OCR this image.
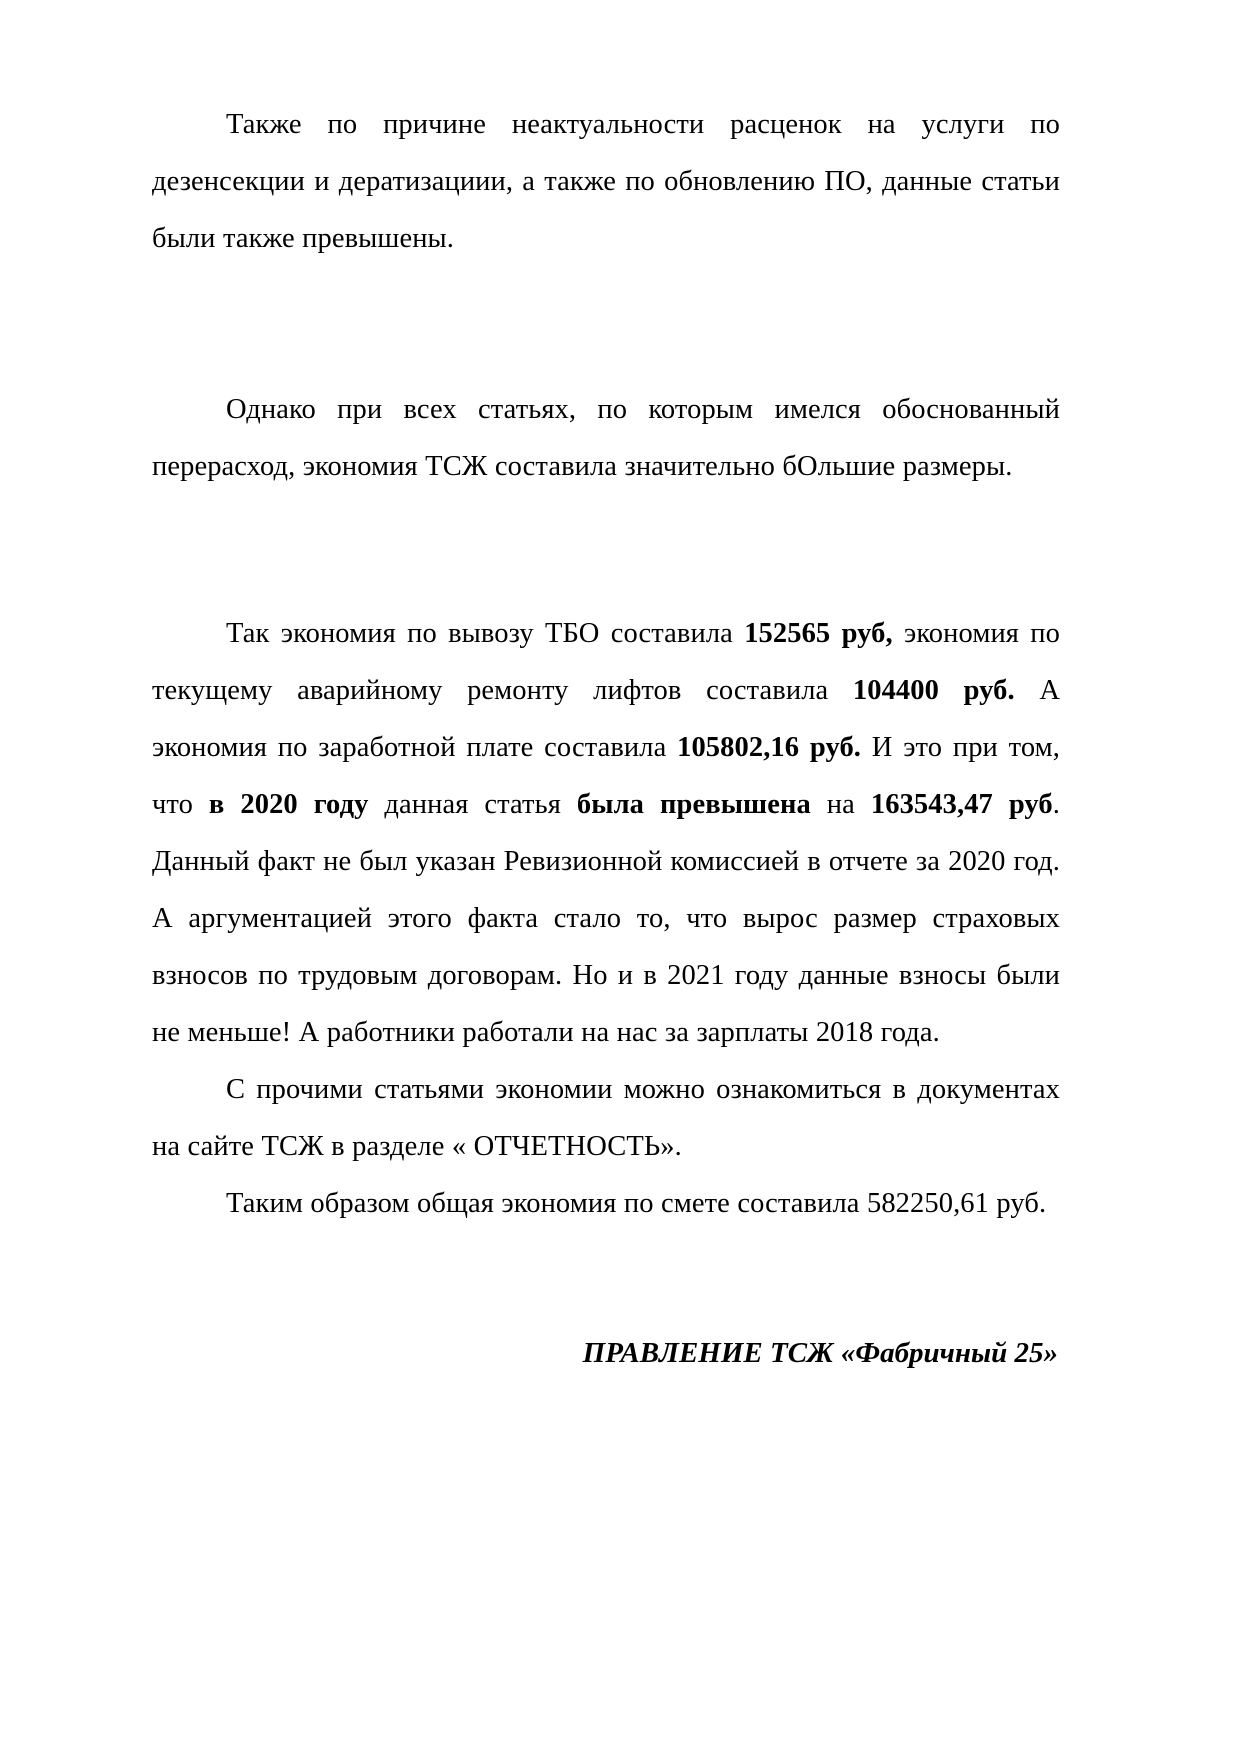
Также по причине неактуальности расценок на услуги по дезенсекции и дератизациии, а также по обновлению ПО, данные статьи были также превышены.

Однако при всех статьях, по которым имелся обоснованный перерасход, экономия ТСЖ составила значительно бОльшие размеры.

Так экономия по вывозу ТБО составила 152565 руб, экономия по текущему аварийному ремонту лифтов составила 104400 руб. А экономия по заработной плате составила 105802,16 руб. И это при том, что в 2020 году данная статья была превышена на 163543,47 руб. Данный факт не был указан Ревизионной комиссией в отчете за 2020 год. А аргументацией этого факта стало то, что вырос размер страховых взносов по трудовым договорам. Но и в 2021 году данные взносы были не меньше! А работники работали на нас за зарплаты 2018 года.

С прочими статьями экономии можно ознакомиться в документах на сайте ТСЖ в разделе « ОТЧЕТНОСТЬ».

Таким образом общая экономия по смете составила 582250,61 руб.

ПРАВЛЕНИЕ ТСЖ «Фабричный 25»
